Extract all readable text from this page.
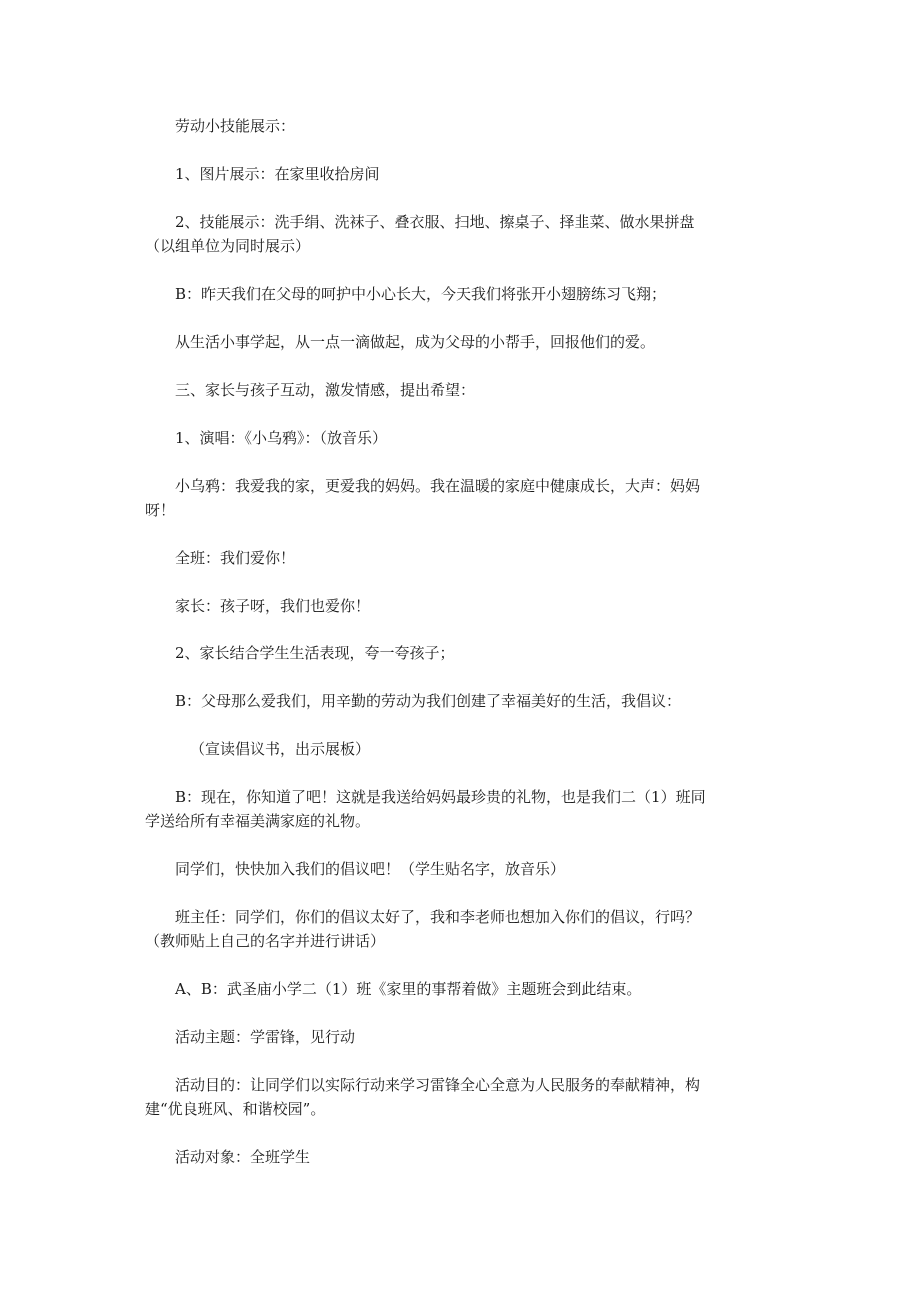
劳动小技能展示：

1、图片展示：在家里收拾房间

2、技能展示：洗手绢、洗袜子、叠衣服、扫地、擦桌子、择韭菜、做水果拼盘

（以组单位为同时展示）

B：昨天我们在父母的呵护中小心长大，今天我们将张开小翅膀练习飞翔；

从生活小事学起，从一点一滴做起，成为父母的小帮手，回报他们的爱。

三、家长与孩子互动，激发情感，提出希望：

1、演唱：《小乌鸦》：（放音乐）

小乌鸦：我爱我的家，更爱我的妈妈。我在温暖的家庭中健康成长，大声：妈妈

呀！

全班：我们爱你！

家长：孩子呀，我们也爱你！

2、家长结合学生生活表现，夸一夸孩子；

B：父母那么爱我们，用辛勤的劳动为我们创建了幸福美好的生活，我倡议：

（宣读倡议书，出示展板）

B：现在，你知道了吧！这就是我送给妈妈最珍贵的礼物，也是我们二（1）班同

学送给所有幸福美满家庭的礼物。

同学们，快快加入我们的倡议吧！（学生贴名字，放音乐）

班主任：同学们，你们的倡议太好了，我和李老师也想加入你们的倡议，行吗？

（教师贴上自己的名字并进行讲话）

A、B：武圣庙小学二（1）班《家里的事帮着做》主题班会到此结束。

活动主题：学雷锋，见行动

活动目的：让同学们以实际行动来学习雷锋全心全意为人民服务的奉献精神，构

建“优良班风、和谐校园”。

活动对象：全班学生
